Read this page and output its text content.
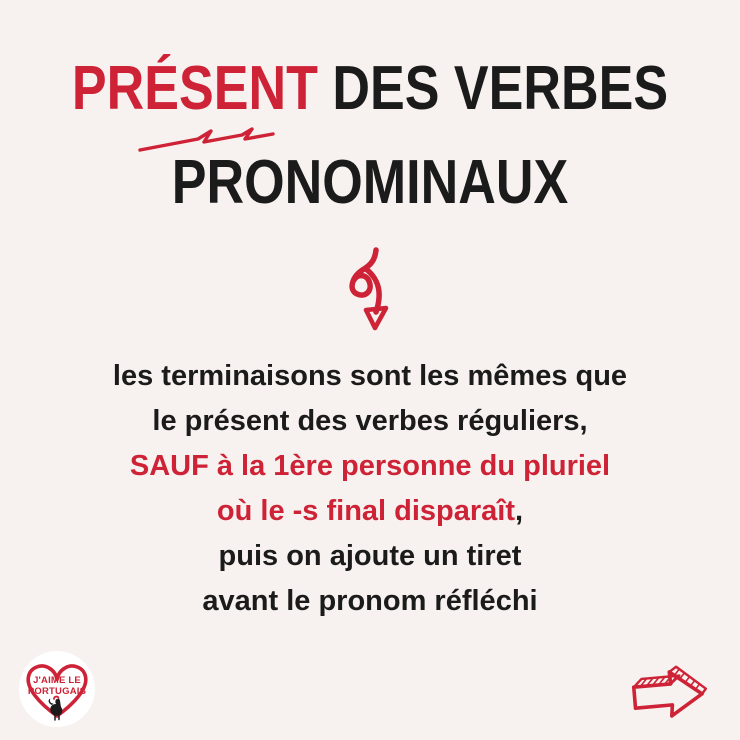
PRÉSENT DES VERBES
PRONOMINAUX
les terminaisons sont les mêmes que
le présent des verbes réguliers,
SAUF à la 1ère personne du pluriel
où le -s final disparaît,
puis on ajoute un tiret
avant le pronom réfléchi
J'AIME LE
PORTUGAIS
